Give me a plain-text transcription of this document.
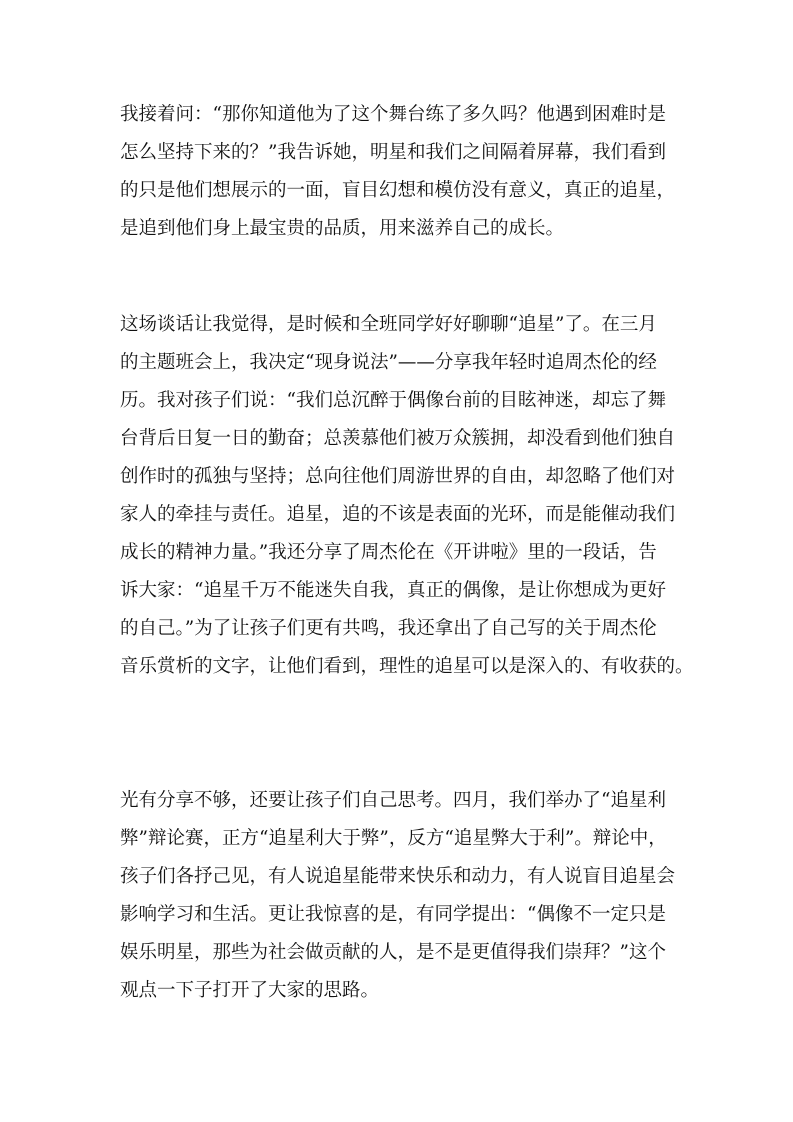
我接着问：“那你知道他为了这个舞台练了多久吗？他遇到困难时是
怎么坚持下来的？”我告诉她，明星和我们之间隔着屏幕，我们看到
的只是他们想展示的一面，盲目幻想和模仿没有意义，真正的追星，
是追到他们身上最宝贵的品质，用来滋养自己的成长。
这场谈话让我觉得，是时候和全班同学好好聊聊“追星”了。在三月
的主题班会上，我决定“现身说法”——分享我年轻时追周杰伦的经
历。我对孩子们说：“我们总沉醉于偶像台前的目眩神迷，却忘了舞
台背后日复一日的勤奋；总羡慕他们被万众簇拥，却没看到他们独自
创作时的孤独与坚持；总向往他们周游世界的自由，却忽略了他们对
家人的牵挂与责任。追星，追的不该是表面的光环，而是能催动我们
成长的精神力量。”我还分享了周杰伦在《开讲啦》里的一段话，告
诉大家：“追星千万不能迷失自我，真正的偶像，是让你想成为更好
的自己。”为了让孩子们更有共鸣，我还拿出了自己写的关于周杰伦
音乐赏析的文字，让他们看到，理性的追星可以是深入的、有收获的。
光有分享不够，还要让孩子们自己思考。四月，我们举办了“追星利
弊”辩论赛，正方“追星利大于弊”，反方“追星弊大于利”。辩论中，
孩子们各抒己见，有人说追星能带来快乐和动力，有人说盲目追星会
影响学习和生活。更让我惊喜的是，有同学提出：“偶像不一定只是
娱乐明星，那些为社会做贡献的人，是不是更值得我们崇拜？”这个
观点一下子打开了大家的思路。
